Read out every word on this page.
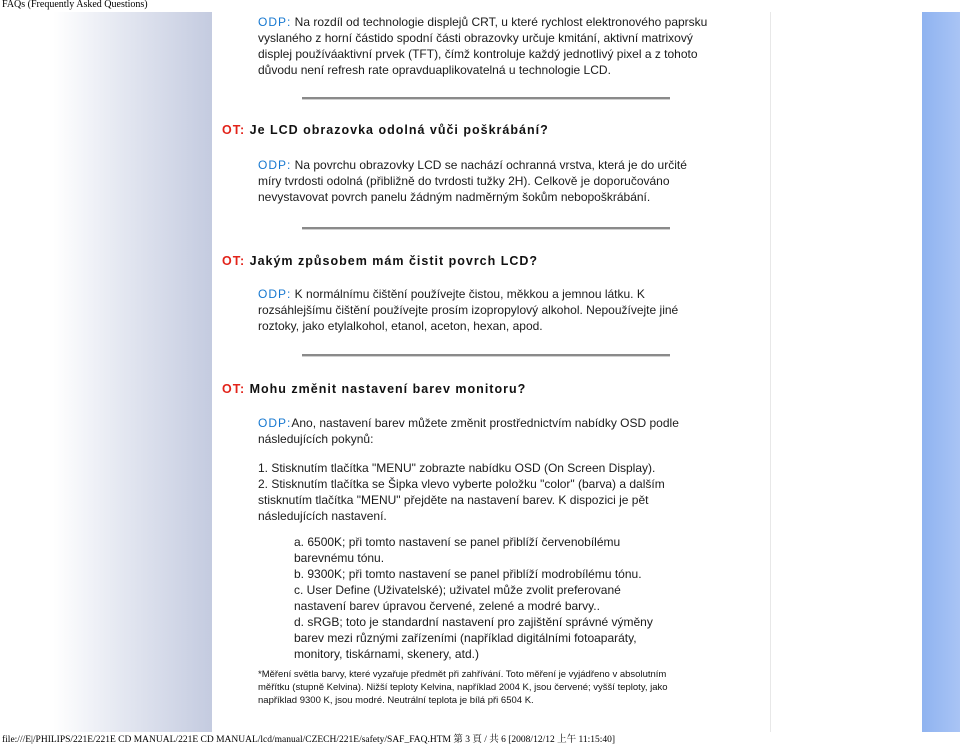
FAQs (Frequently Asked Questions)

ODP: Na rozdíl od technologie displejů CRT, u které rychlost elektronového paprsku
vyslaného z horní částido spodní části obrazovky určuje kmitání, aktivní matrixový
displej používáaktivní prvek (TFT), čímž kontroluje každý jednotlivý pixel a z tohoto
důvodu není refresh rate opravduaplikovatelná u technologie LCD.

OT: Je LCD obrazovka odolná vůči poškrábání?

ODP: Na povrchu obrazovky LCD se nachází ochranná vrstva, která je do určité
míry tvrdosti odolná (přibližně do tvrdosti tužky 2H). Celkově je doporučováno
nevystavovat povrch panelu žádným nadměrným šokům nebopoškrábání.

OT: Jakým způsobem mám čistit povrch LCD?

ODP: K normálnímu čištění používejte čistou, měkkou a jemnou látku. K
rozsáhlejšímu čištění používejte prosím izopropylový alkohol. Nepoužívejte jiné
roztoky, jako etylalkohol, etanol, aceton, hexan, apod.

OT: Mohu změnit nastavení barev monitoru?

ODP:Ano, nastavení barev můžete změnit prostřednictvím nabídky OSD podle
následujících pokynů:

1. Stisknutím tlačítka "MENU" zobrazte nabídku OSD (On Screen Display).
2. Stisknutím tlačítka se Šipka vlevo vyberte položku "color" (barva) a dalším
stisknutím tlačítka "MENU" přejděte na nastavení barev. K dispozici je pět
následujících nastavení.

a. 6500K; při tomto nastavení se panel přiblíží červenobílému
barevnému tónu.
b. 9300K; při tomto nastavení se panel přiblíží modrobílému tónu.
c. User Define (Uživatelské); uživatel může zvolit preferované
nastavení barev úpravou červené, zelené a modré barvy..
d. sRGB; toto je standardní nastavení pro zajištění správné výměny
barev mezi různými zařízeními (například digitálními fotoaparáty,
monitory, tiskárnami, skenery, atd.)

*Měření světla barvy, které vyzařuje předmět při zahřívání. Toto měření je vyjádřeno v absolutním
měřítku (stupně Kelvina). Nižší teploty Kelvina, například 2004 K, jsou červené; vyšší teploty, jako
například 9300 K, jsou modré. Neutrální teplota je bílá při 6504 K.

file:///E|/PHILIPS/221E/221E CD MANUAL/221E CD MANUAL/lcd/manual/CZECH/221E/safety/SAF_FAQ.HTM 第 3 頁 / 共 6 [2008/12/12 上午 11:15:40]
